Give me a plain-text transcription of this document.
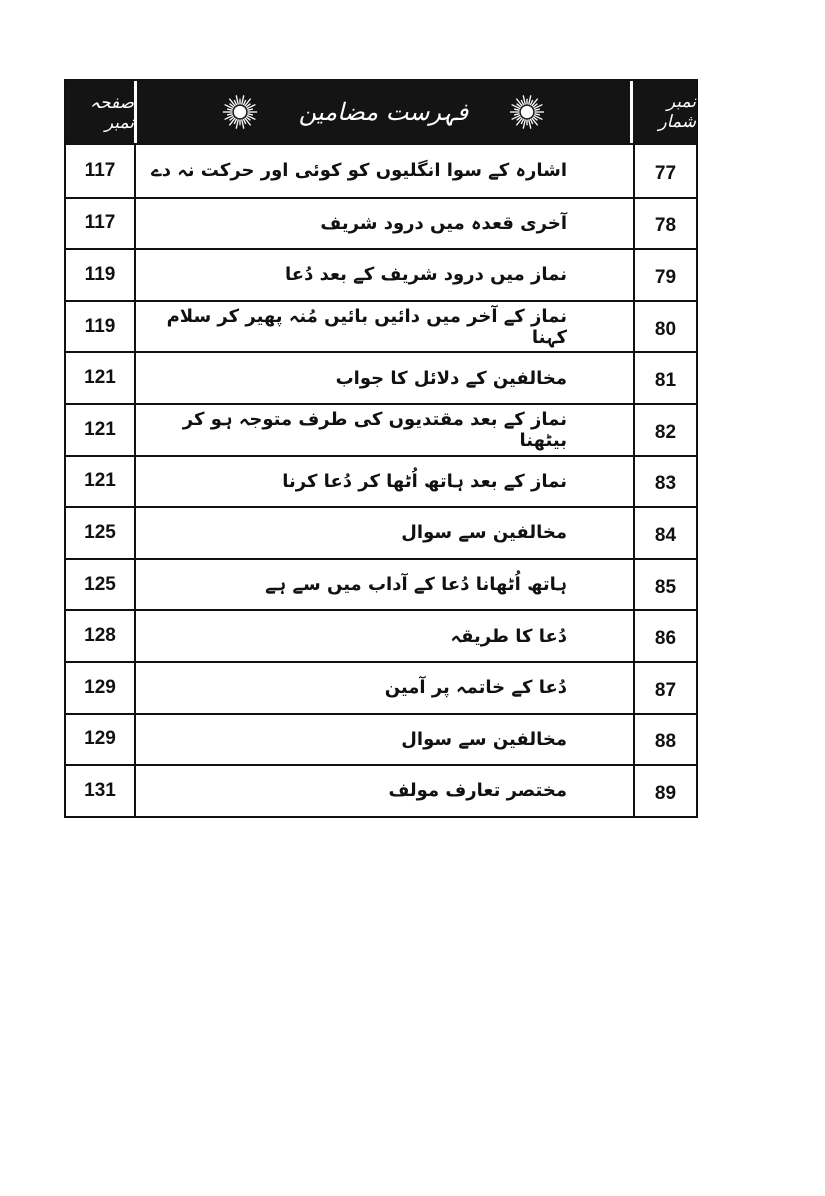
صفحہ نمبر	فہرست مضامین	نمبر شمار
117	اشارہ کے سوا انگلیوں کو کوئی اور حرکت نہ دے	77
117	آخری قعدہ میں درود شریف	78
119	نماز میں درود شریف کے بعد دُعا	79
119	نماز کے آخر میں دائیں بائیں مُنہ پھیر کر سلام کہنا	80
121	مخالفین کے دلائل کا جواب	81
121	نماز کے بعد مقتدیوں کی طرف متوجہ ہو کر بیٹھنا	82
121	نماز کے بعد ہاتھ اُٹھا کر دُعا کرنا	83
125	مخالفین سے سوال	84
125	ہاتھ اُٹھانا دُعا کے آداب میں سے ہے	85
128	دُعا کا طریقہ	86
129	دُعا کے خاتمہ پر آمین	87
129	مخالفین سے سوال	88
131	مختصر تعارف مولف	89
